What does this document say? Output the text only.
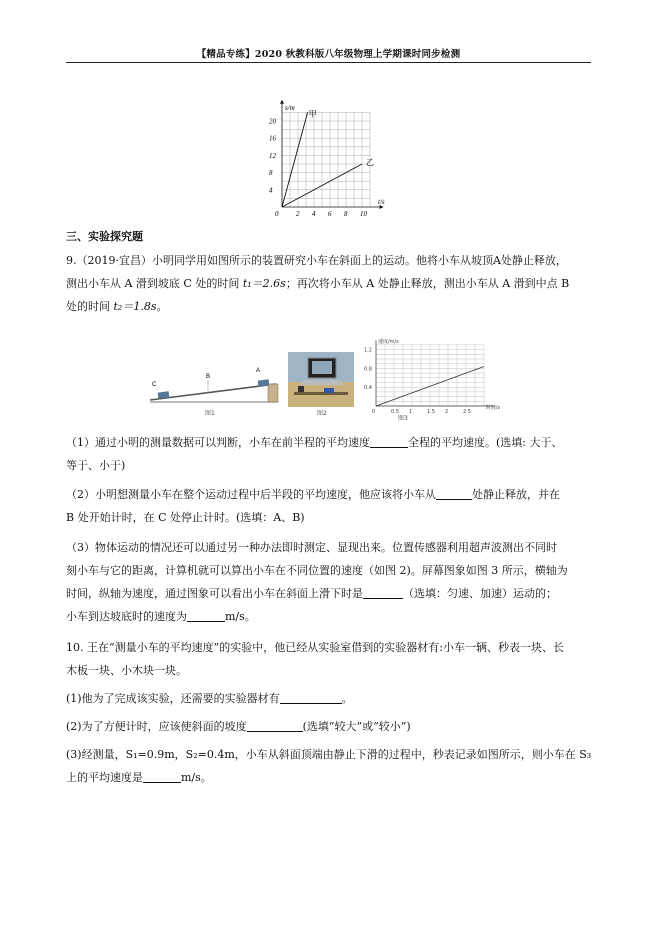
【精品专练】2020 秋教科版八年级物理上学期课时同步检测
0	2 4 6 8 10
4
8
12
16
20
t/s
s/m
甲
乙
三、实验探究题
9.（2019·宜昌）小明同学用如图所示的装置研究小车在斜面上的运动。他将小车从坡顶A处静止释放，
测出小车从 A 滑到坡底 C 处的时间 t₁＝2.6s；再次将小车从 A 处静止释放，测出小车从 A 滑到中点 B
处的时间 t₂＝1.8s。
C
B
A
图1	图2	0	0.5 1	1.5 2	2.5
0.4
0.8
1.2
速度/m/s
时间/s
图3
（1）通过小明的测量数据可以判断，小车在前半程的平均速度	全程的平均速度。(选填: 大于、
等于、小于)
（2）小明想测量小车在整个运动过程中后半段的平均速度，他应该将小车从	处静止释放，并在
B 处开始计时，在 C 处停止计时。(选填：A、B)
（3）物体运动的情况还可以通过另一种办法即时测定、显现出来。位置传感器利用超声波测出不同时
刻小车与它的距离，计算机就可以算出小车在不同位置的速度（如图 2)。屏幕图象如图 3 所示，横轴为
时间，纵轴为速度，通过图象可以看出小车在斜面上滑下时是	（选填：匀速、加速）运动的；
小车到达坡底时的速度为	m/s。
10. 王在“测量小车的平均速度”的实验中，他已经从实验室借到的实验器材有:小车一辆、秒表一块、长
木板一块、小木块一块。
(1)他为了完成该实验，还需要的实验器材有	。
(2)为了方便计时，应该使斜面的坡度	(选填“较大”或“较小”)
(3)经测量，S₁=0.9m，S₂=0.4m，小车从斜面顶端由静止下滑的过程中，秒表记录如图所示，则小车在 S₃
上的平均速度是	m/s。
